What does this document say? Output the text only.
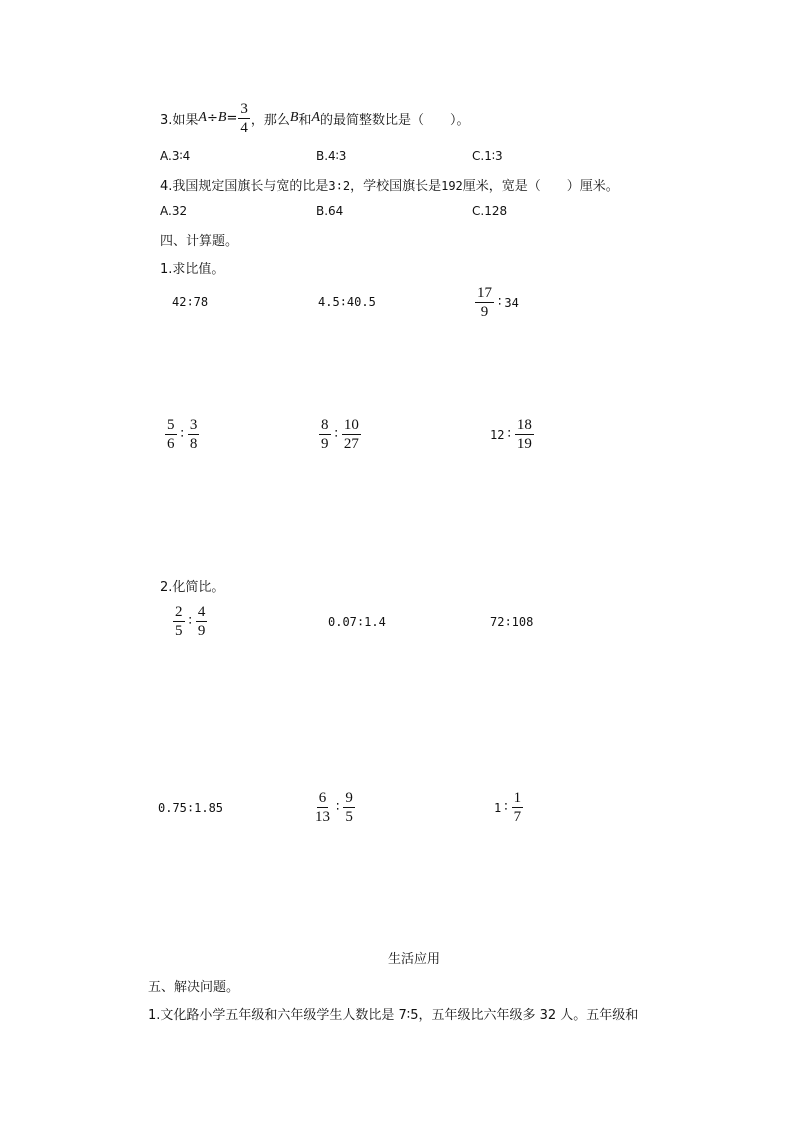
3.如果 $A \div B = \frac{3}{4}$ ，那么 B 和 A 的最简整数比是（　　）。
A.3∶4	B.4∶3	C.1∶3
4.我国规定国旗长与宽的比是3∶2，学校国旗长是192厘米，宽是（　　）厘米。
A.32	B.64	C.128
四、计算题。
1.求比值。
42∶78	4.5∶40.5	$\frac{17}{9}$ ∶ 34
$\frac{5}{6}$ ∶ $\frac{3}{8}$	$\frac{8}{9}$ ∶ $\frac{10}{27}$	12 ∶ $\frac{18}{19}$
2.化简比。
$\frac{2}{5}$ ∶ $\frac{4}{9}$	0.07∶1.4	72∶108
0.75∶1.85	$\frac{6}{13}$ ∶ $\frac{9}{5}$	1 ∶ $\frac{1}{7}$
生活应用
五、解决问题。
1.文化路小学五年级和六年级学生人数比是 7∶5，五年级比六年级多 32 人。五年级和
